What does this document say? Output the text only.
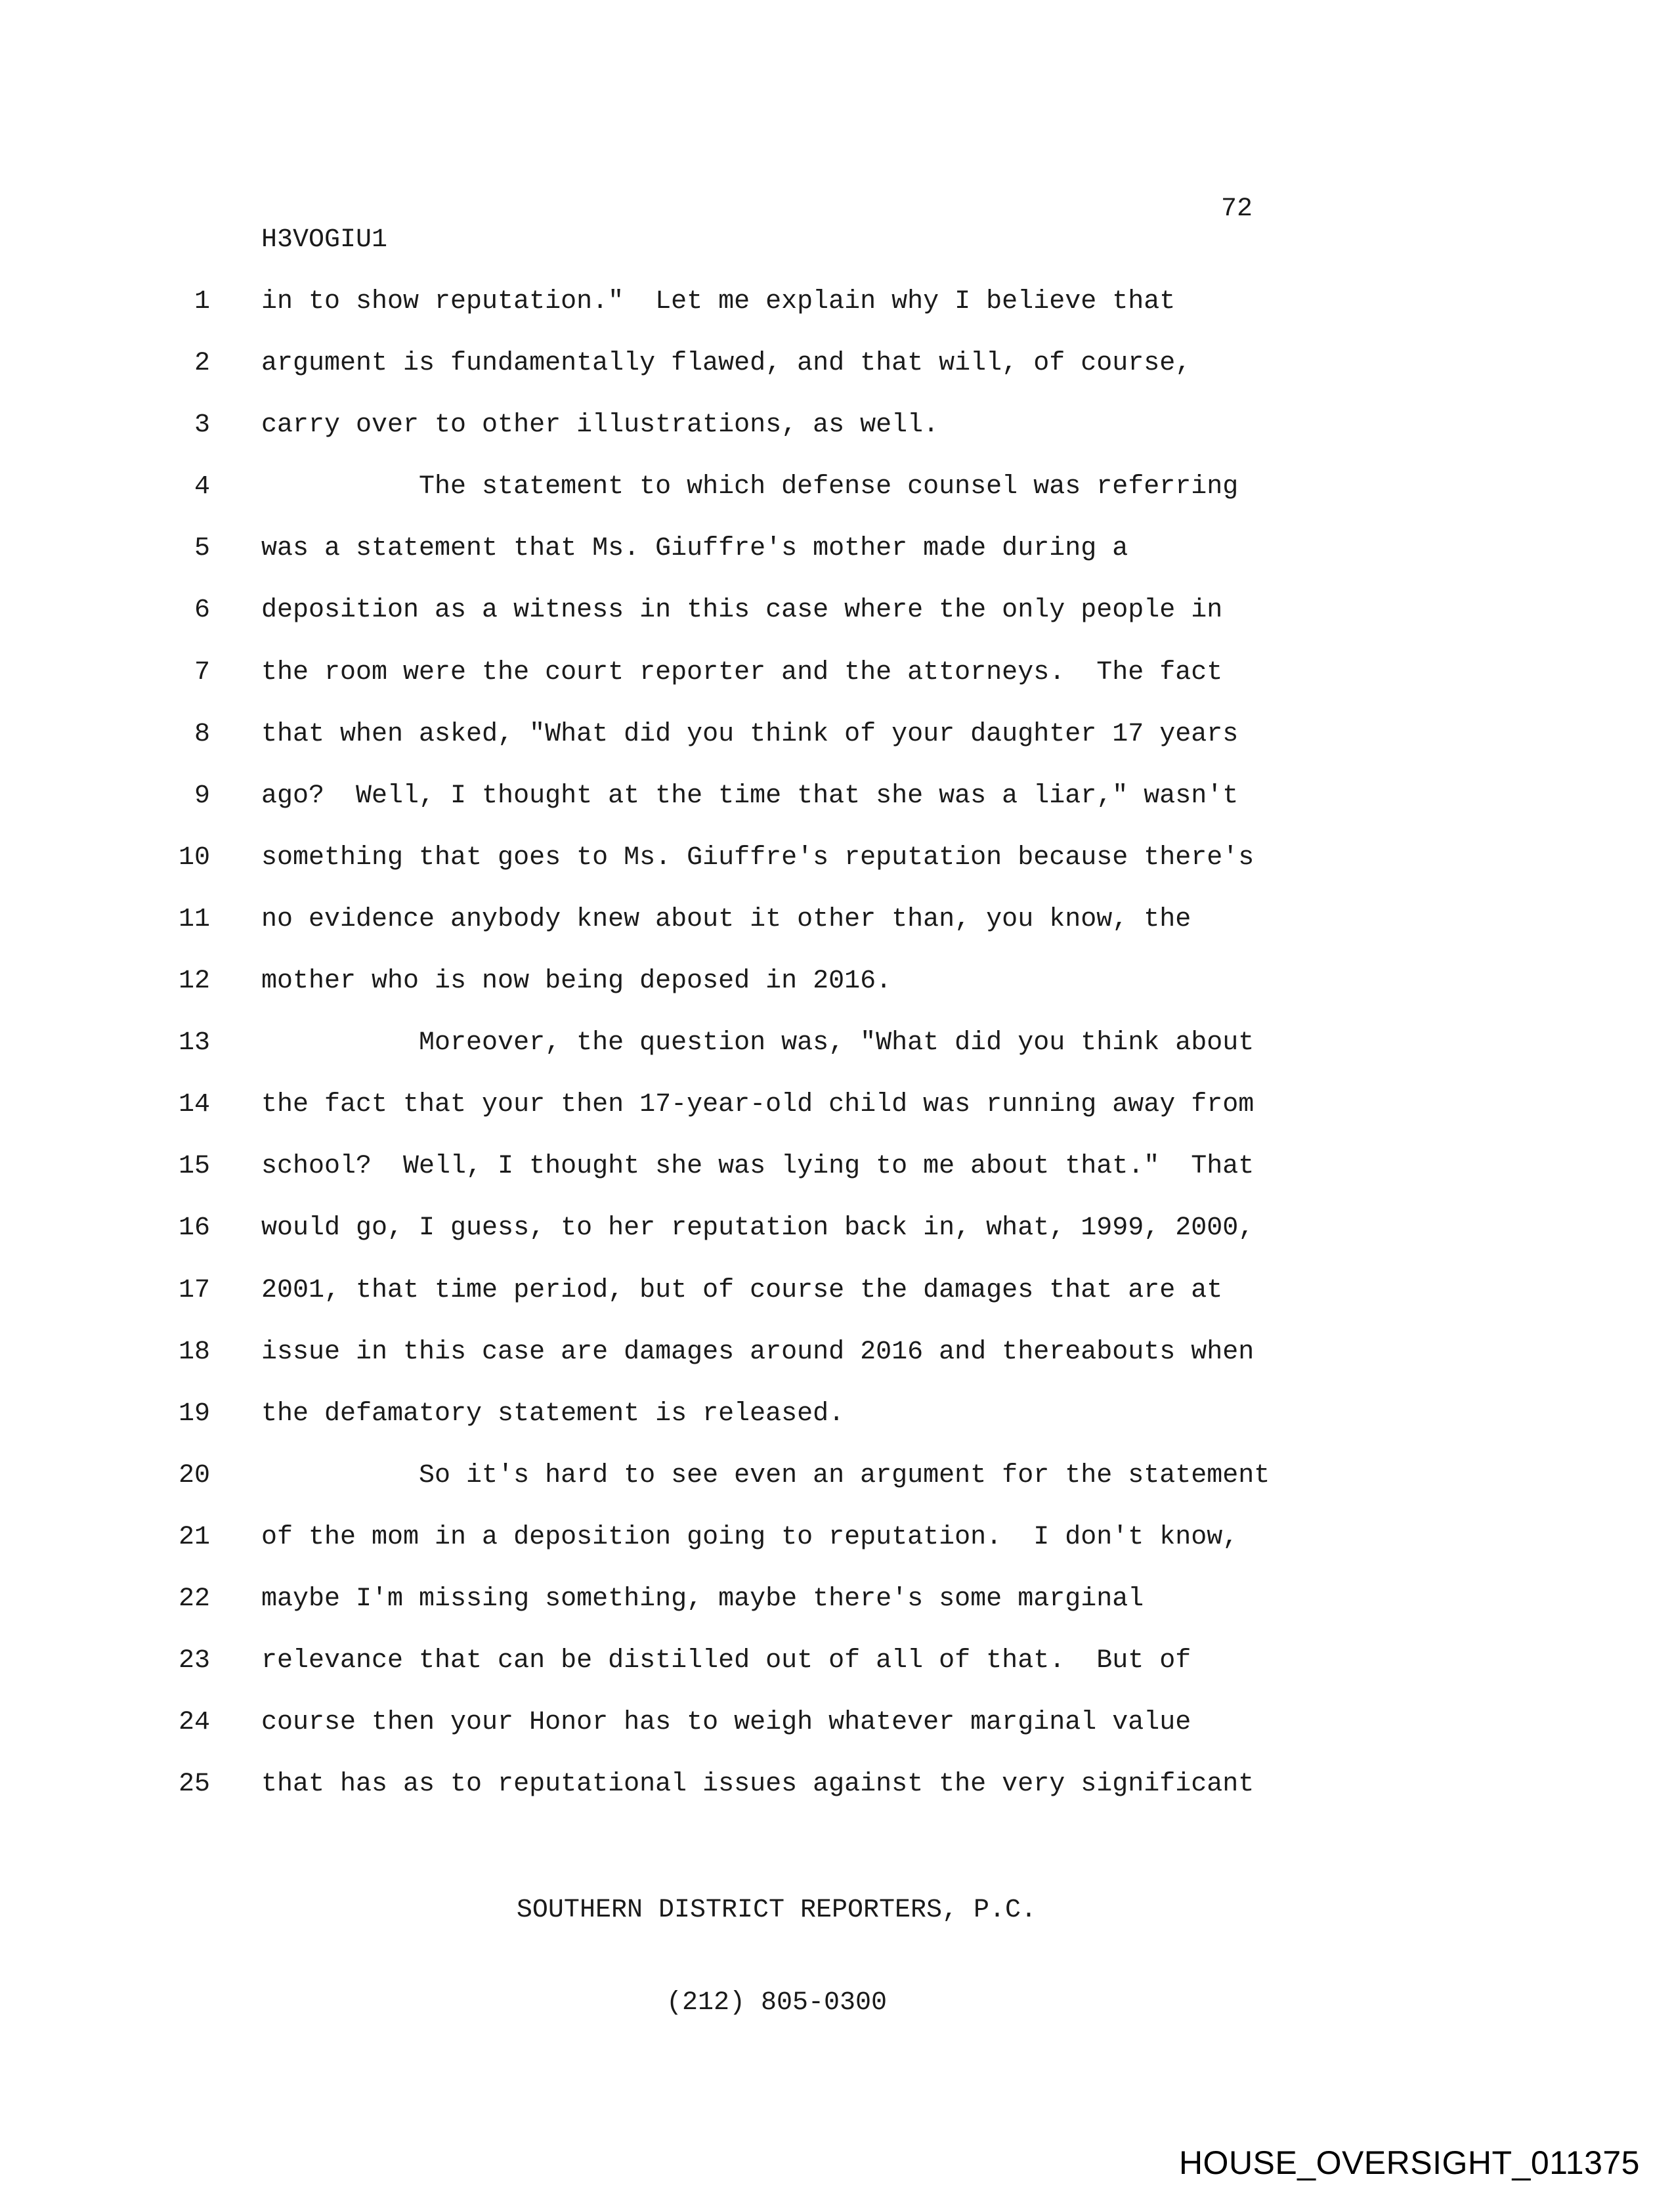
72
H3VOGIU1
1 in to show reputation."  Let me explain why I believe that
2 argument is fundamentally flawed, and that will, of course,
3 carry over to other illustrations, as well.
4 The statement to which defense counsel was referring
5 was a statement that Ms. Giuffre's mother made during a
6 deposition as a witness in this case where the only people in
7 the room were the court reporter and the attorneys.  The fact
8 that when asked, "What did you think of your daughter 17 years
9 ago?  Well, I thought at the time that she was a liar," wasn't
10 something that goes to Ms. Giuffre's reputation because there's
11 no evidence anybody knew about it other than, you know, the
12 mother who is now being deposed in 2016.
13 Moreover, the question was, "What did you think about
14 the fact that your then 17-year-old child was running away from
15 school?  Well, I thought she was lying to me about that."  That
16 would go, I guess, to her reputation back in, what, 1999, 2000,
17 2001, that time period, but of course the damages that are at
18 issue in this case are damages around 2016 and thereabouts when
19 the defamatory statement is released.
20 So it's hard to see even an argument for the statement
21 of the mom in a deposition going to reputation.  I don't know,
22 maybe I'm missing something, maybe there's some marginal
23 relevance that can be distilled out of all of that.  But of
24 course then your Honor has to weigh whatever marginal value
25 that has as to reputational issues against the very significant

SOUTHERN DISTRICT REPORTERS, P.C.

(212) 805-0300

HOUSE_OVERSIGHT_011375
